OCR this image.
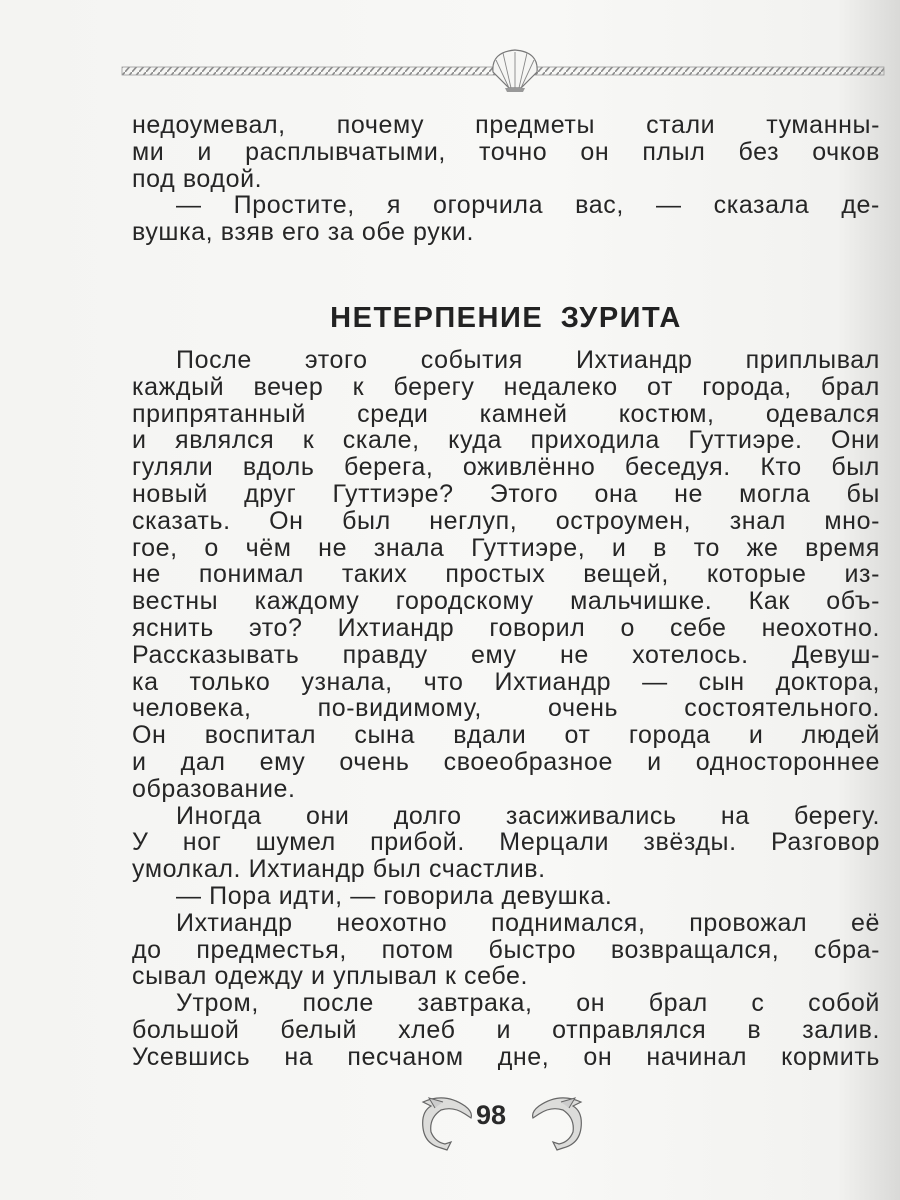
недоумевал, почему предметы стали туманны-
ми и расплывчатыми, точно он плыл без очков
под водой.
— Простите, я огорчила вас, — сказала де-
вушка, взяв его за обе руки.
НЕТЕРПЕНИЕ ЗУРИТА
После этого события Ихтиандр приплывал
каждый вечер к берегу недалеко от города, брал
припрятанный среди камней костюм, одевался
и являлся к скале, куда приходила Гуттиэре. Они
гуляли вдоль берега, оживлённо беседуя. Кто был
новый друг Гуттиэре? Этого она не могла бы
сказать. Он был неглуп, остроумен, знал мно-
гое, о чём не знала Гуттиэре, и в то же время
не понимал таких простых вещей, которые из-
вестны каждому городскому мальчишке. Как объ-
яснить это? Ихтиандр говорил о себе неохотно.
Рассказывать правду ему не хотелось. Девуш-
ка только узнала, что Ихтиандр — сын доктора,
человека, по-видимому, очень состоятельного.
Он воспитал сына вдали от города и людей
и дал ему очень своеобразное и одностороннее
образование.
Иногда они долго засиживались на берегу.
У ног шумел прибой. Мерцали звёзды. Разговор
умолкал. Ихтиандр был счастлив.
— Пора идти, — говорила девушка.
Ихтиандр неохотно поднимался, провожал её
до предместья, потом быстро возвращался, сбра-
сывал одежду и уплывал к себе.
Утром, после завтрака, он брал с собой
большой белый хлеб и отправлялся в залив.
Усевшись на песчаном дне, он начинал кормить
98
